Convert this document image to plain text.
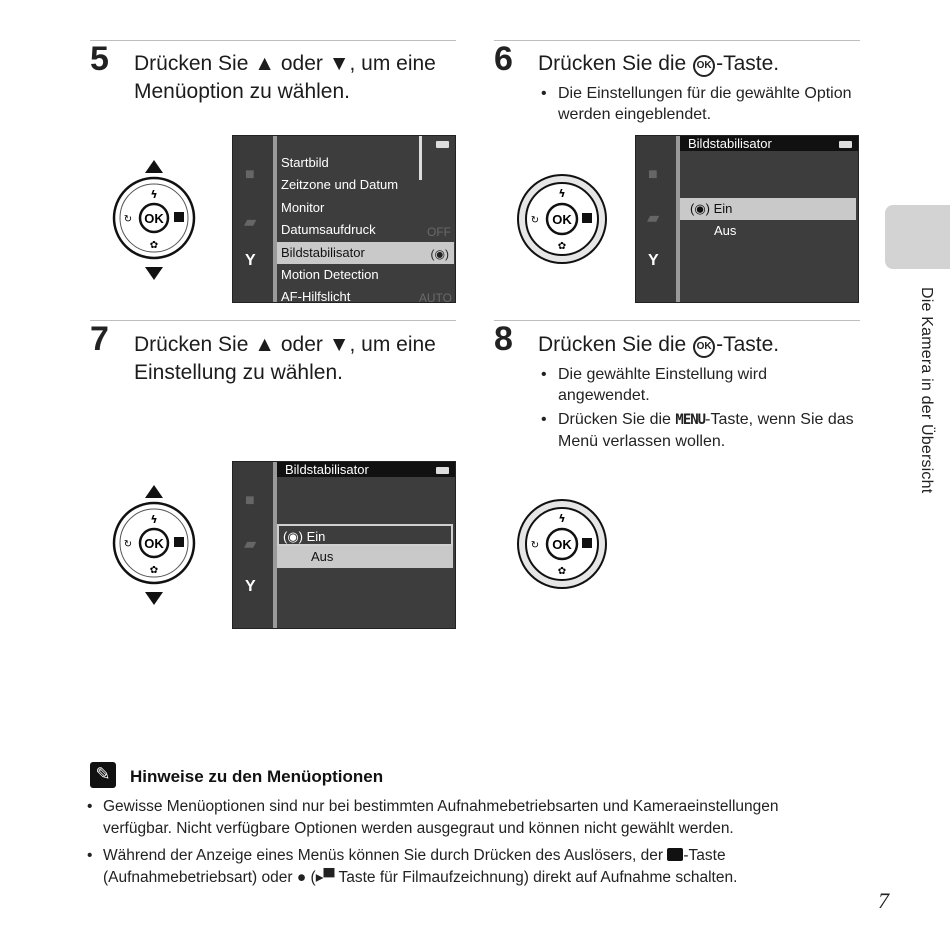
5 Drücken Sie ▲ oder ▼, um eine Menüoption zu wählen.
6 Drücken Sie die OK -Taste.
• Die Einstellungen für die gewählte Option werden eingeblendet.
7 Drücken Sie ▲ oder ▼, um eine Einstellung zu wählen.
8 Drücken Sie die OK -Taste.
• Die gewählte Einstellung wird angewendet.
• Drücken Sie die MENU-Taste, wenn Sie das Menü verlassen wollen.
OK
ϟ
✿
↻	OK
ϟ
✿
↻
OK
ϟ
✿
↻	OK
ϟ
✿
↻
■
▰
Y
Startbild
Zeitzone und Datum
Monitor
Datumsaufdruck
Bildstabilisator
Motion Detection
AF-Hilfslicht
OFF
(◉)
AUTO
Bildstabilisator
■
▰
Y
(◉) Ein
Aus
Bildstabilisator
■
▰
Y
(◉) Ein
Aus
Die Kamera in der Übersicht
✎	Hinweise zu den Menüoptionen
• Gewisse Menüoptionen sind nur bei bestimmten Aufnahmebetriebsarten und Kameraeinstellungen verfügbar. Nicht verfügbare Optionen werden ausgegraut und können nicht gewählt werden.
• Während der Anzeige eines Menüs können Sie durch Drücken des Auslösers, der -Taste (Aufnahmebetriebsart) oder ● (▸▀ Taste für Filmaufzeichnung) direkt auf Aufnahme schalten.
7
